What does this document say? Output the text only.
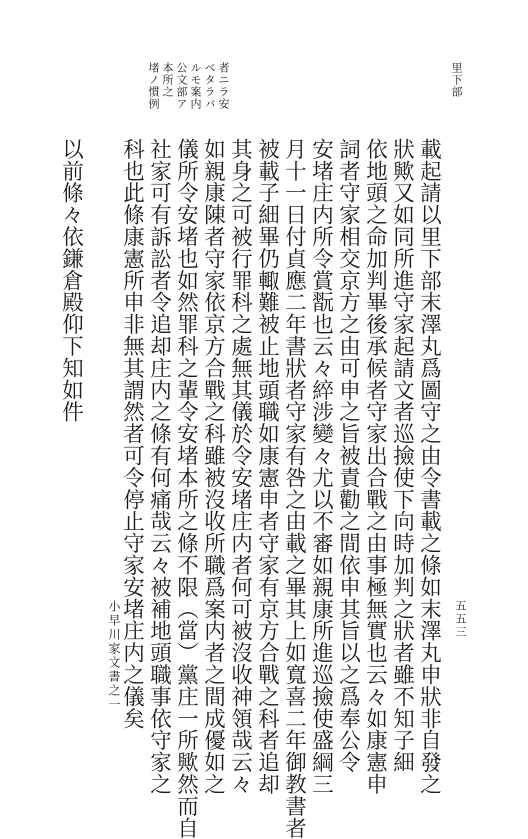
里下部
公文部ア ルモ案内 ベタラバ 者ニラ安
本所之
堵ノ慣例
載起請以里下部末澤丸爲圖守之由令書載之條如末澤丸申狀非自發之
狀歟又如同所進守家起請文者巡撿使下向時加判之狀者雖不知子細
依地頭之命加判畢後承候者守家出合戰之由事極無實也云々如康憲申
詞者守家相交京方之由可申之旨被責勸之間依申其旨以之爲奉公令
安堵庄内所令賞翫也云々綷涉變々尤以不審如親康所進巡撿使盛綱三
月十一日付貞應二年書狀者守家有咎之由載之畢其上如寬喜二年御教書者
被載子細畢仍輙難被止地頭職如康憲申者守家有京方合戰之科者追却
其身之可被行罪科之處無其儀於令安堵庄内者何可被沒收神領哉云々
如親康陳者守家依京方合戰之科雖被沒收所職爲案内者之間成優如之
儀所令安堵也如然罪科之輩令安堵本所之條不限（當）黨庄一所歟然而自
社家可有訴訟者令追却庄内之條有何痛哉云々被補地頭職事依守家之
科也此條康憲所申非無其謂然者可令停止守家安堵庄内之儀矣
以前條々依鎌倉殿仰下知如件
小早川家文書之一	五五三
